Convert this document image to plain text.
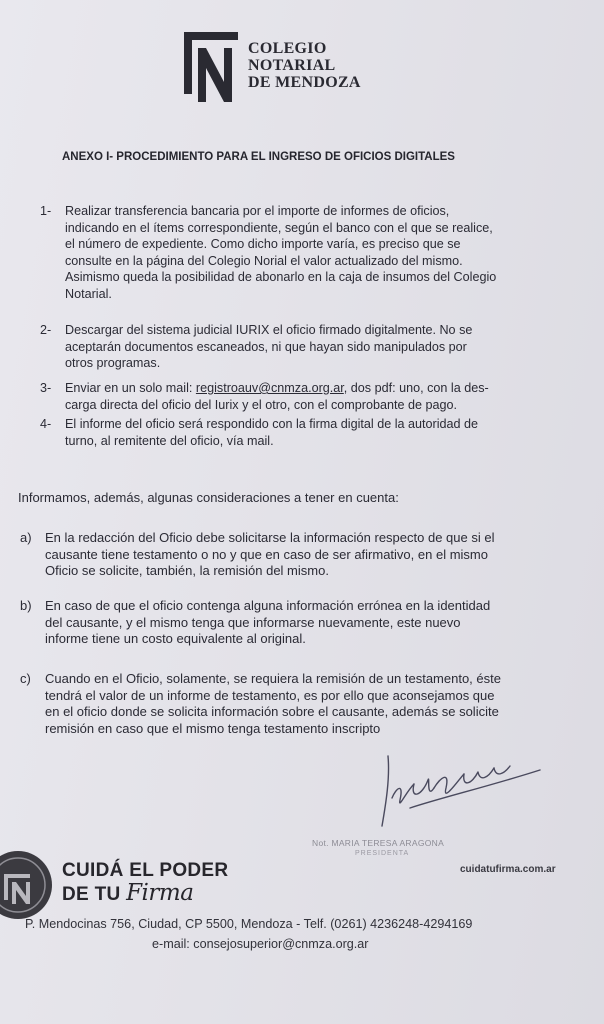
COLEGIO
NOTARIAL
DE MENDOZA
ANEXO I- PROCEDIMIENTO PARA EL INGRESO DE OFICIOS DIGITALES
1- Realizar transferencia bancaria por el importe de informes de oficios,
indicando en el ítems correspondiente, según el banco con el que se realice,
el número de expediente. Como dicho importe varía, es preciso que se
consulte en la página del Colegio Norial el valor actualizado del mismo.
Asimismo queda la posibilidad de abonarlo en la caja de insumos del Colegio
Notarial.
2- Descargar del sistema judicial IURIX el oficio firmado digitalmente. No se
aceptarán documentos escaneados, ni que hayan sido manipulados por
otros programas.
3- Enviar en un solo mail: registroauv@cnmza.org.ar, dos pdf: uno, con la des-
carga directa del oficio del Iurix y el otro, con el comprobante de pago.
4- El informe del oficio será respondido con la firma digital de la autoridad de
turno, al remitente del oficio, vía mail.
Informamos, además, algunas consideraciones a tener en cuenta:
a) En la redacción del Oficio debe solicitarse la información respecto de que si el
causante tiene testamento o no y que en caso de ser afirmativo, en el mismo
Oficio se solicite, también, la remisión del mismo.
b) En caso de que el oficio contenga alguna información errónea en la identidad
del causante, y el mismo tenga que informarse nuevamente, este nuevo
informe tiene un costo equivalente al original.
c) Cuando en el Oficio, solamente, se requiera la remisión de un testamento, éste
tendrá el valor de un informe de testamento, es por ello que aconsejamos que
en el oficio donde se solicita información sobre el causante, además se solicite
remisión en caso que el mismo tenga testamento inscripto
Not. MARIA TERESA ARAGONA
PRESIDENTA
CUIDÁ EL PODER
DE TU Firma
cuidatufirma.com.ar
P. Mendocinas 756, Ciudad, CP 5500, Mendoza - Telf. (0261) 4236248-4294169
e-mail: consejosuperior@cnmza.org.ar
